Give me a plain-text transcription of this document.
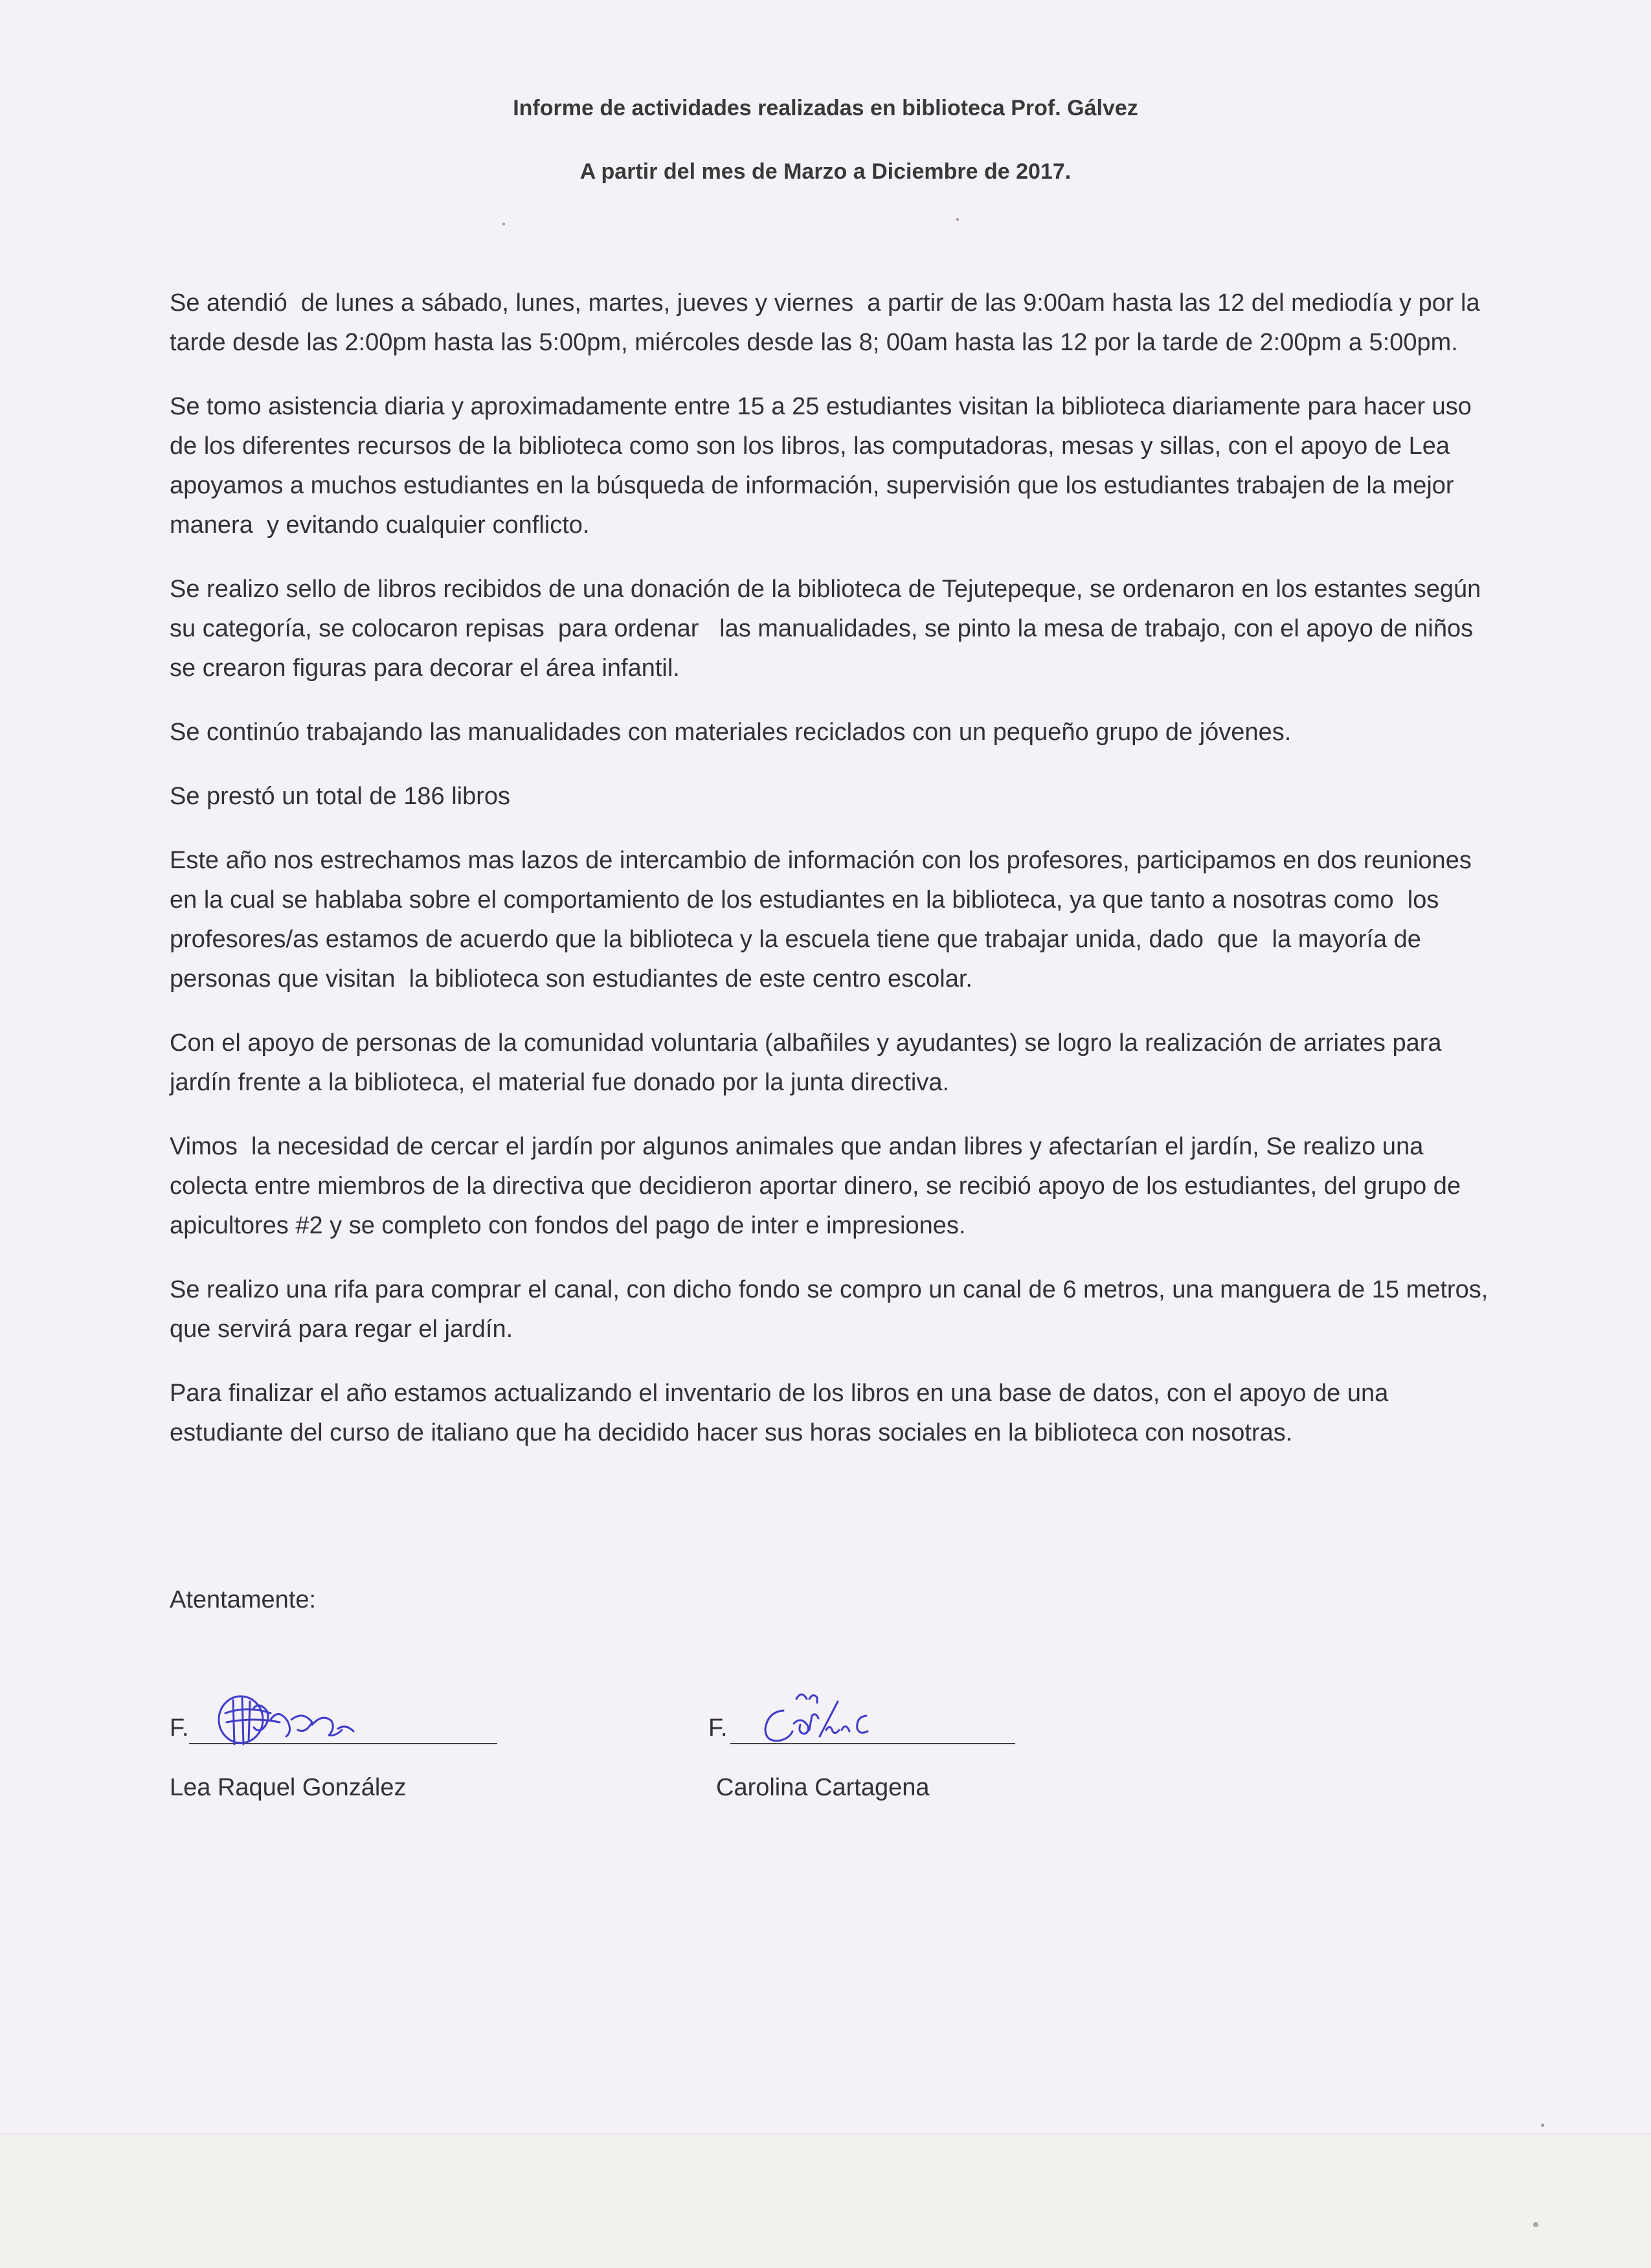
Informe de actividades realizadas en biblioteca Prof. Gálvez
A partir del mes de Marzo a Diciembre de 2017.

Se atendió  de lunes a sábado, lunes, martes, jueves y viernes  a partir de las 9:00am hasta las 12 del mediodía y por la tarde desde las 2:00pm hasta las 5:00pm, miércoles desde las 8; 00am hasta las 12 por la tarde de 2:00pm a 5:00pm.

Se tomo asistencia diaria y aproximadamente entre 15 a 25 estudiantes visitan la biblioteca diariamente para hacer uso de los diferentes recursos de la biblioteca como son los libros, las computadoras, mesas y sillas, con el apoyo de Lea apoyamos a muchos estudiantes en la búsqueda de información, supervisión que los estudiantes trabajen de la mejor manera  y evitando cualquier conflicto.

Se realizo sello de libros recibidos de una donación de la biblioteca de Tejutepeque, se ordenaron en los estantes según su categoría, se colocaron repisas  para ordenar   las manualidades, se pinto la mesa de trabajo, con el apoyo de niños se crearon figuras para decorar el área infantil.

Se continúo trabajando las manualidades con materiales reciclados con un pequeño grupo de jóvenes.

Se prestó un total de 186 libros

Este año nos estrechamos mas lazos de intercambio de información con los profesores, participamos en dos reuniones en la cual se hablaba sobre el comportamiento de los estudiantes en la biblioteca, ya que tanto a nosotras como  los profesores/as estamos de acuerdo que la biblioteca y la escuela tiene que trabajar unida, dado  que  la mayoría de personas que visitan  la biblioteca son estudiantes de este centro escolar.

Con el apoyo de personas de la comunidad voluntaria (albañiles y ayudantes) se logro la realización de arriates para jardín frente a la biblioteca, el material fue donado por la junta directiva.

Vimos  la necesidad de cercar el jardín por algunos animales que andan libres y afectarían el jardín, Se realizo una colecta entre miembros de la directiva que decidieron aportar dinero, se recibió apoyo de los estudiantes, del grupo de apicultores #2 y se completo con fondos del pago de inter e impresiones.

Se realizo una rifa para comprar el canal, con dicho fondo se compro un canal de 6 metros, una manguera de 15 metros, que servirá para regar el jardín.

Para finalizar el año estamos actualizando el inventario de los libros en una base de datos, con el apoyo de una estudiante del curso de italiano que ha decidido hacer sus horas sociales en la biblioteca con nosotras.

Atentamente:
F.
Lea Raquel González
F.
Carolina Cartagena
